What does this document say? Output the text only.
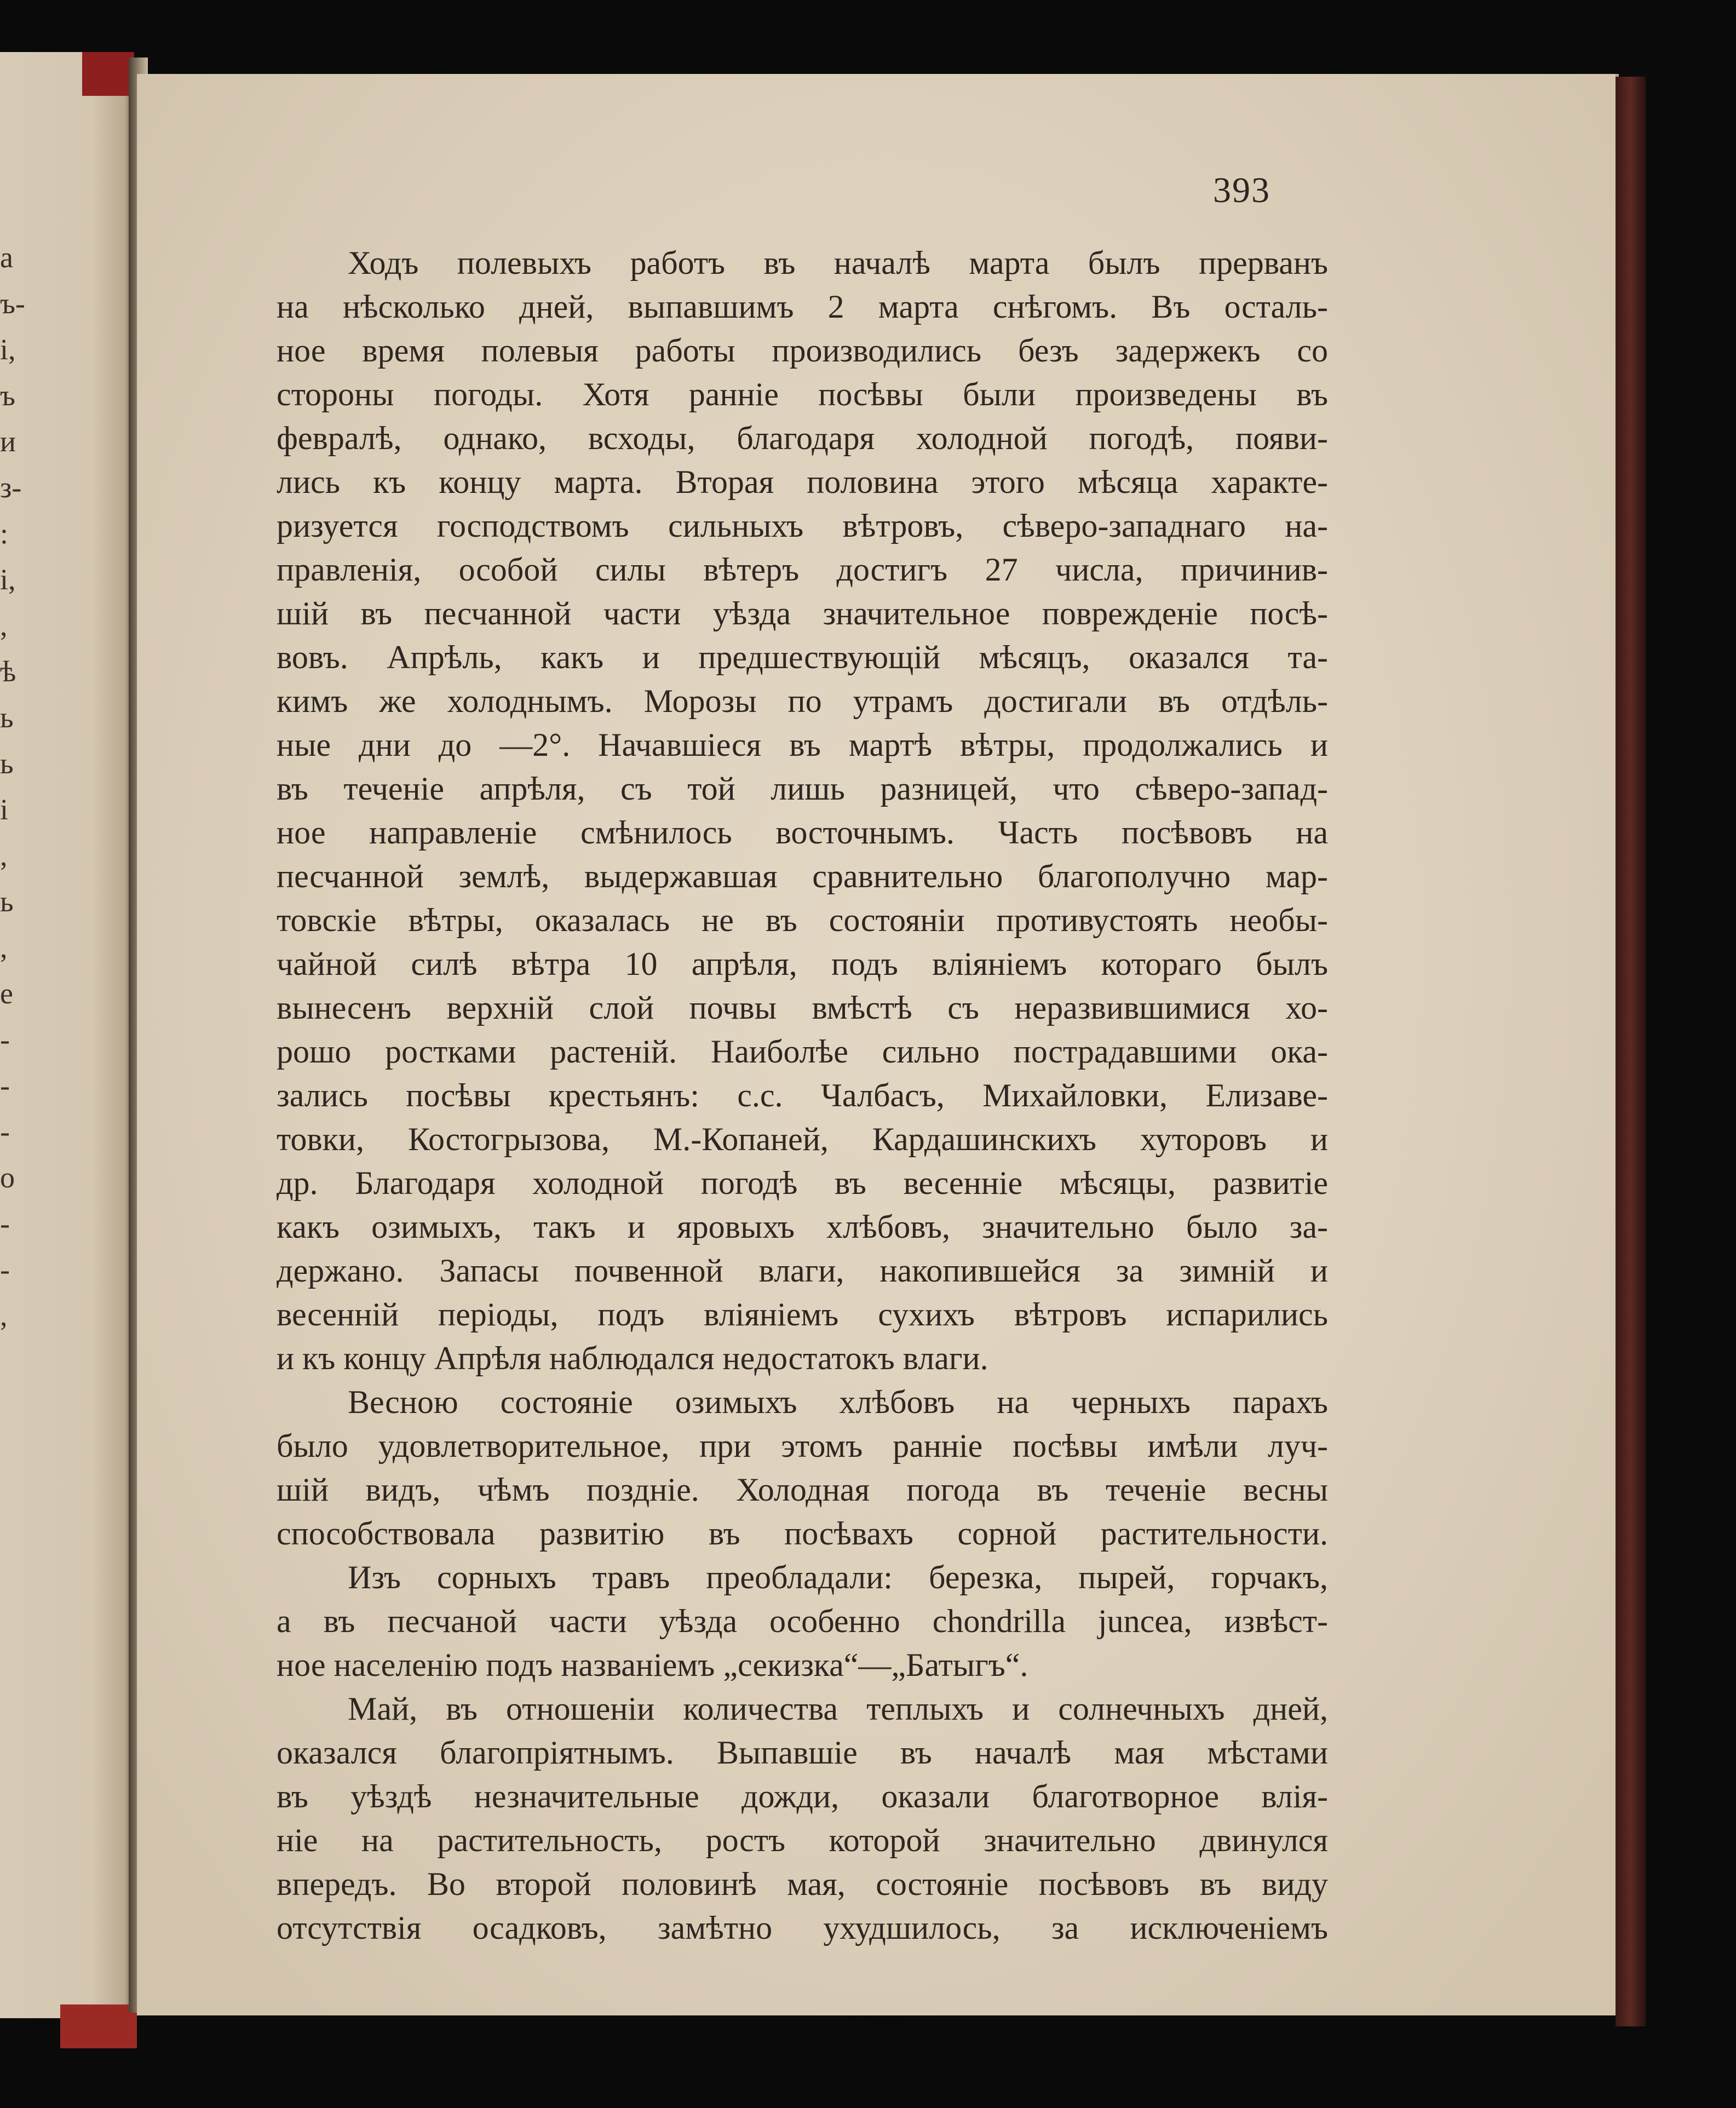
а
ъ-
і,
ъ
и
з-
:
і,
,
ѣ
ь
ь
і
,
ь
,
е
-
-
-
о
-
-
,
393
Ходъ полевыхъ работъ въ началѣ марта былъ прерванъ
на нѣсколько дней, выпавшимъ 2 марта снѣгомъ. Въ осталь-
ное время полевыя работы производились безъ задержекъ со
стороны погоды. Хотя ранніе посѣвы были произведены въ
февралѣ, однако, всходы, благодаря холодной погодѣ, появи-
лись къ концу марта. Вторая половина этого мѣсяца характе-
ризуется господствомъ сильныхъ вѣтровъ, сѣверо-западнаго на-
правленія, особой силы вѣтеръ достигъ 27 числа, причинив-
шій въ песчанной части уѣзда значительное поврежденіе посѣ-
вовъ. Апрѣль, какъ и предшествующій мѣсяцъ, оказался та-
кимъ же холоднымъ. Морозы по утрамъ достигали въ отдѣль-
ные дни до —2°. Начавшіеся въ мартѣ вѣтры, продолжались и
въ теченіе апрѣля, съ той лишь разницей, что сѣверо-запад-
ное направленіе смѣнилось восточнымъ. Часть посѣвовъ на
песчанной землѣ, выдержавшая сравнительно благополучно мар-
товскіе вѣтры, оказалась не въ состояніи противустоять необы-
чайной силѣ вѣтра 10 апрѣля, подъ вліяніемъ котораго былъ
вынесенъ верхній слой почвы вмѣстѣ съ неразвившимися хо-
рошо ростками растеній. Наиболѣе сильно пострадавшими ока-
зались посѣвы крестьянъ: с.с. Чалбасъ, Михайловки, Елизаве-
товки, Костогрызова, М.-Копаней, Кардашинскихъ хуторовъ и
др. Благодаря холодной погодѣ въ весенніе мѣсяцы, развитіе
какъ озимыхъ, такъ и яровыхъ хлѣбовъ, значительно было за-
держано. Запасы почвенной влаги, накопившейся за зимній и
весенній періоды, подъ вліяніемъ сухихъ вѣтровъ испарились
и къ концу Апрѣля наблюдался недостатокъ влаги.
Весною состояніе озимыхъ хлѣбовъ на черныхъ парахъ
было удовлетворительное, при этомъ ранніе посѣвы имѣли луч-
шій видъ, чѣмъ поздніе. Холодная погода въ теченіе весны
способствовала развитію въ посѣвахъ сорной растительности.
Изъ сорныхъ травъ преобладали: березка, пырей, горчакъ,
а въ песчаной части уѣзда особенно chondrilla juncea, извѣст-
ное населенію подъ названіемъ „секизка“—„Батыгъ“.
Май, въ отношеніи количества теплыхъ и солнечныхъ дней,
оказался благопріятнымъ. Выпавшіе въ началѣ мая мѣстами
въ уѣздѣ незначительные дожди, оказали благотворное влія-
ніе на растительность, ростъ которой значительно двинулся
впередъ. Во второй половинѣ мая, состояніе посѣвовъ въ виду
отсутствія осадковъ, замѣтно ухудшилось, за исключеніемъ
